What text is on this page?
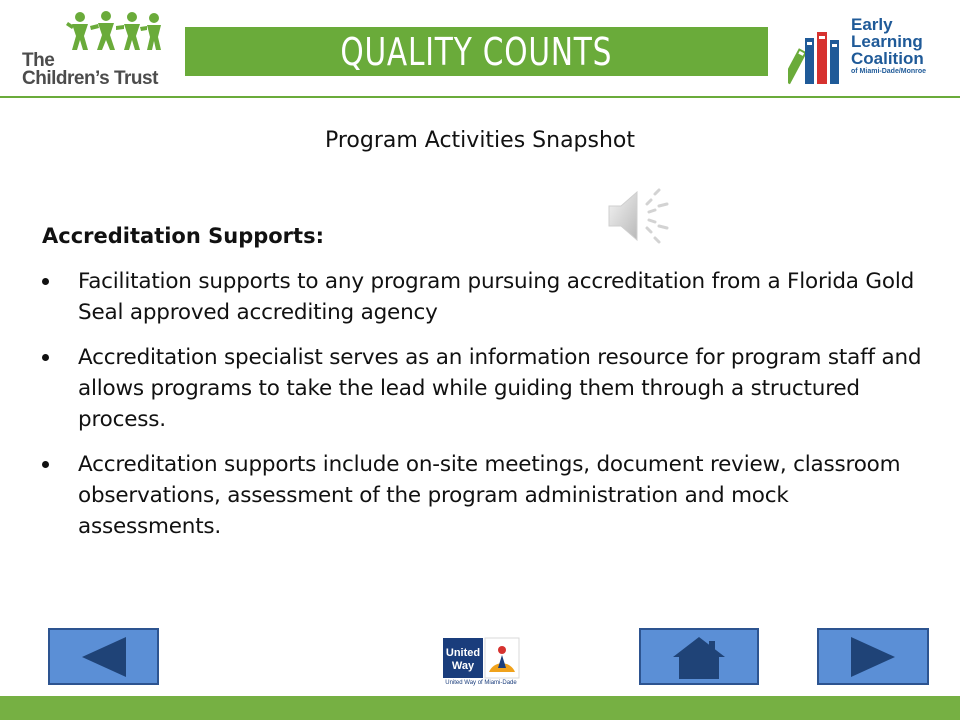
The
Children’s Trust
QUALITY COUNTS
Early
Learning
Coalition
of Miami-Dade/Monroe
Program Activities Snapshot
Accreditation Supports:
Facilitation supports to any program pursuing accreditation from a Florida Gold Seal approved accrediting agency
Accreditation specialist serves as an information resource for program staff and allows programs to take the lead while guiding them through a structured process.
Accreditation supports include on-site meetings, document review, classroom observations, assessment of the program administration and mock assessments.
United
Way
United Way of Miami-Dade
